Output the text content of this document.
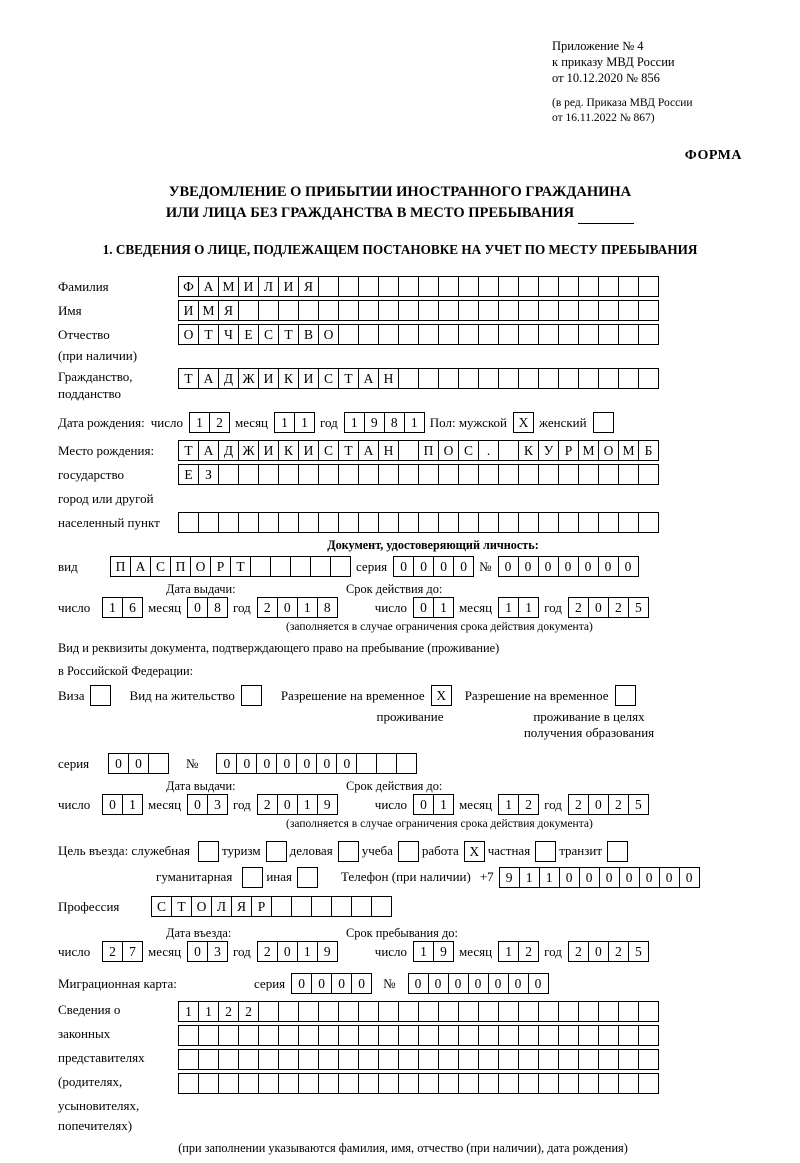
Приложение № 4
к приказу МВД России
от 10.12.2020 № 856
(в ред. Приказа МВД России
от 16.11.2022 № 867)
ФОРМА
УВЕДОМЛЕНИЕ О ПРИБЫТИИ ИНОСТРАННОГО ГРАЖДАНИНА
ИЛИ ЛИЦА БЕЗ ГРАЖДАНСТВА В МЕСТО ПРЕБЫВАНИЯ
1. СВЕДЕНИЯ О ЛИЦЕ, ПОДЛЕЖАЩЕМ ПОСТАНОВКЕ НА УЧЕТ ПО МЕСТУ ПРЕБЫВАНИЯ
Фамилия	Ф А М И Л И Я
Имя	И М Я
Отчество	О Т Ч Е С Т В О
(при наличии)
Гражданство,
подданство
Т А Д Ж И К И С Т А Н
Дата рождения: число 1 2 месяц 1 1 год 1 9 8 1 Пол: мужской Х женский
Место рождения:	Т А Д Ж И К И С Т А Н	П О С	.	К У Р М О М Б
государство	Е З
город или другой
населенный пункт
Документ, удостоверяющий личность:
вид	П А С П О Р Т	серия 0 0 0 0 № 0 0 0 0 0 0 0
Дата выдачи:	Срок действия до:
число	1 6 месяц 0 8 год 2 0 1 8	число 0 1 месяц 1 1 год 2 0 2 5
(заполняется в случае ограничения срока действия документа)
Вид и реквизиты документа, подтверждающего право на пребывание (проживание)
в Российской Федерации:
Виза	Вид на жительство	Разрешение на временное Х	Разрешение на временное
проживание	проживание в целях
получения образования
серия	0 0	№	0 0 0 0 0 0 0
Дата выдачи:	Срок действия до:
число	0 1 месяц 0 3 год 2 0 1 9	число 0 1 месяц 1 2 год 2 0 2 5
(заполняется в случае ограничения срока действия документа)
Цель въезда: служебная	туризм	деловая	учеба	работа Х частная	транзит
гуманитарная	иная	Телефон (при наличии) +7 9 1 1 0 0 0 0 0 0 0
Профессия	С Т О Л Я Р
Дата въезда:	Срок пребывания до:
число	2 7 месяц 0 3 год 2 0 1 9	число 1 9 месяц 1 2 год 2 0 2 5
Миграционная карта:	серия 0 0 0 0	№	0 0 0 0 0 0 0
Сведения о	1 1 2 2
законных
представителях
(родителях,
усыновителях,
попечителях)
(при заполнении указываются фамилия, имя, отчество (при наличии), дата рождения)
